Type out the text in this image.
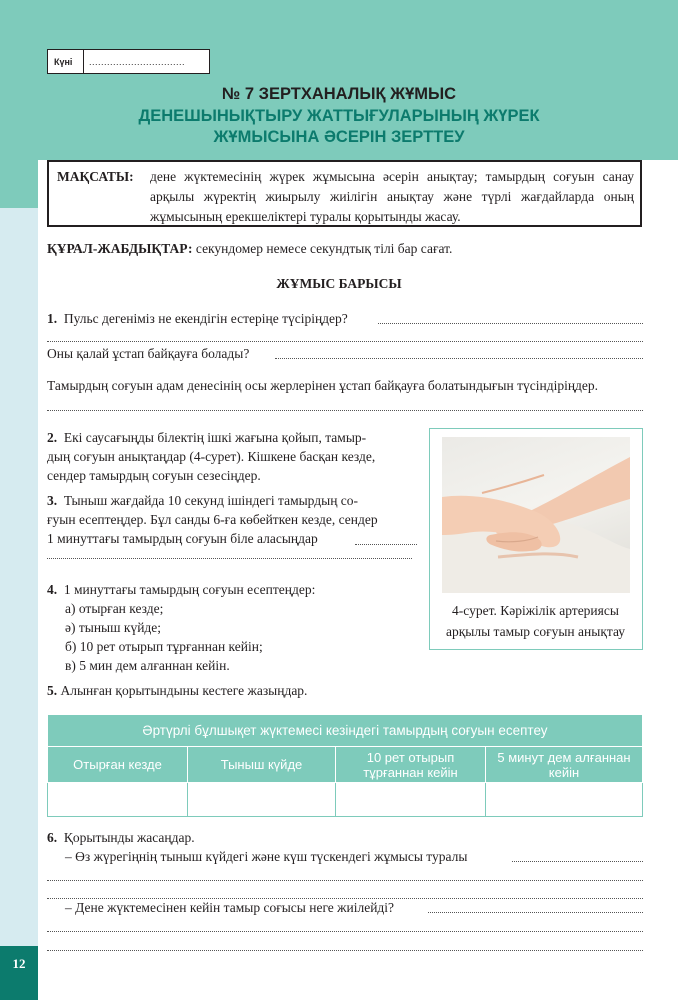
Күні	................................
№ 7 ЗЕРТХАНАЛЫҚ ЖҰМЫС
ДЕНЕШЫНЫҚТЫРУ ЖАТТЫҒУЛАРЫНЫҢ ЖҮРЕК
ЖҰМЫСЫНА ӘСЕРІН ЗЕРТТЕУ
МАҚСАТЫ:	дене жүктемесінің жүрек жұмысына әсерін анықтау; тамырдың соғуын санау арқылы жүректің жиырылу жиілігін анықтау және түрлі жағдайларда оның жұмысының ерекшеліктері туралы қорытынды жасау.
ҚҰРАЛ-ЖАБДЫҚТАР: секундомер немесе секундтық тілі бар сағат.
ЖҰМЫС БАРЫСЫ
1. Пульс дегеніміз не екендігін естеріңе түсіріңдер?
Оны қалай ұстап байқауға болады?
Тамырдың соғуын адам денесінің осы жерлерінен ұстап байқауға болатындығын түсіндіріңдер.
2. Екі саусағыңды білектің ішкі жағына қойып, тамыр-
дың соғуын анықтаңдар (4-сурет). Кішкене басқан кезде,
сендер тамырдың соғуын сезесіңдер.
3. Тыныш жағдайда 10 секунд ішіндегі тамырдың со-
ғуын есептеңдер. Бұл санды 6-ға көбейткен кезде, сендер
1 минуттағы тамырдың соғуын біле аласыңдар
4-сурет. Кәріжілік артериясы
арқылы тамыр соғуын анықтау
4. 1 минуттағы тамырдың соғуын есептеңдер:
а) отырған кезде;
ә) тыныш күйде;
б) 10 рет отырып тұрғаннан кейін;
в) 5 мин дем алғаннан кейін.
5. Алынған қорытындыны кестеге жазыңдар.
Әртүрлі бұлшықет жүктемесі кезіндегі тамырдың соғуын есептеу			
Отырған кезде	Тыныш күйде	10 рет отырып тұрғаннан кейін	5 минут дем алғаннан кейін

6. Қорытынды жасаңдар.
– Өз жүрегіңнің тыныш күйдегі және күш түскендегі жұмысы туралы
– Дене жүктемесінен кейін тамыр соғысы неге жиілейді?
12
